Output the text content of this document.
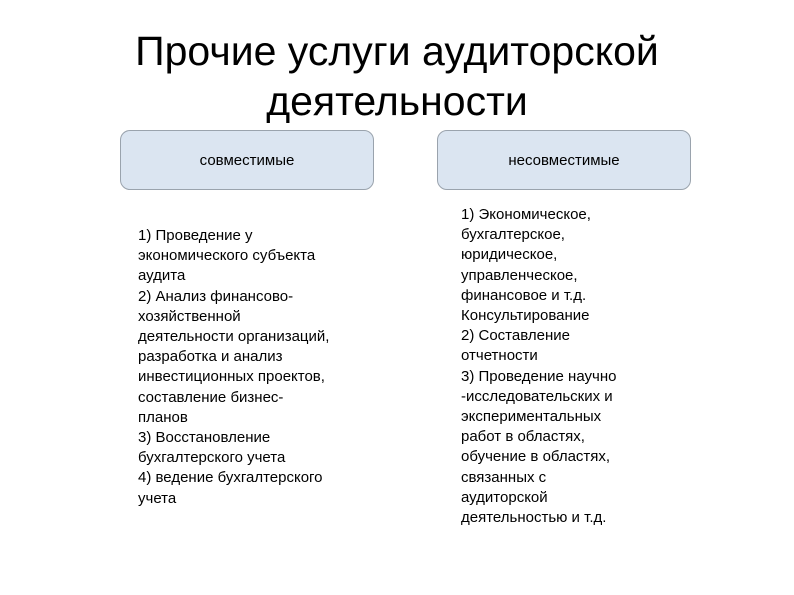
Прочие услуги аудиторской
деятельности
совместимые	несовместимые
1) Проведение у
экономического субъекта
аудита
2) Анализ финансово-
хозяйственной
деятельности организаций,
разработка и анализ
инвестиционных проектов,
составление бизнес-
планов
3) Восстановление
бухгалтерского учета
4) ведение бухгалтерского
учета
1) Экономическое,
бухгалтерское,
юридическое,
управленческое,
финансовое и т.д.
Консультирование
2) Составление
отчетности
3) Проведение научно
-исследовательских и
экспериментальных
работ в областях,
обучение в областях,
связанных с
аудиторской
деятельностью и т.д.
